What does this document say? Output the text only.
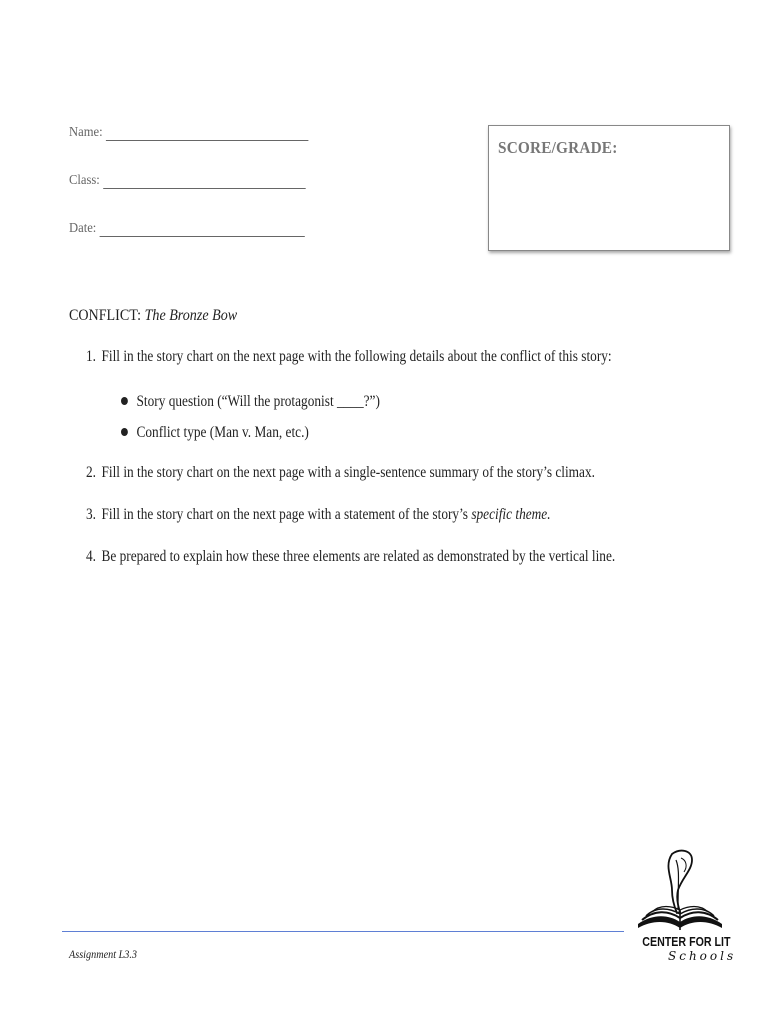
Name:
Class:
Date:
SCORE/GRADE:
CONFLICT: The Bronze Bow
1. Fill in the story chart on the next page with the following details about the conflict of this story:
Story question (“Will the protagonist ____?”)
Conflict type (Man v. Man, etc.)
2. Fill in the story chart on the next page with a single-sentence summary of the story’s climax.
3. Fill in the story chart on the next page with a statement of the story’s specific theme.
4. Be prepared to explain how these three elements are related as demonstrated by the vertical line.
Assignment L3.3
CENTER FOR LIT
Schools
